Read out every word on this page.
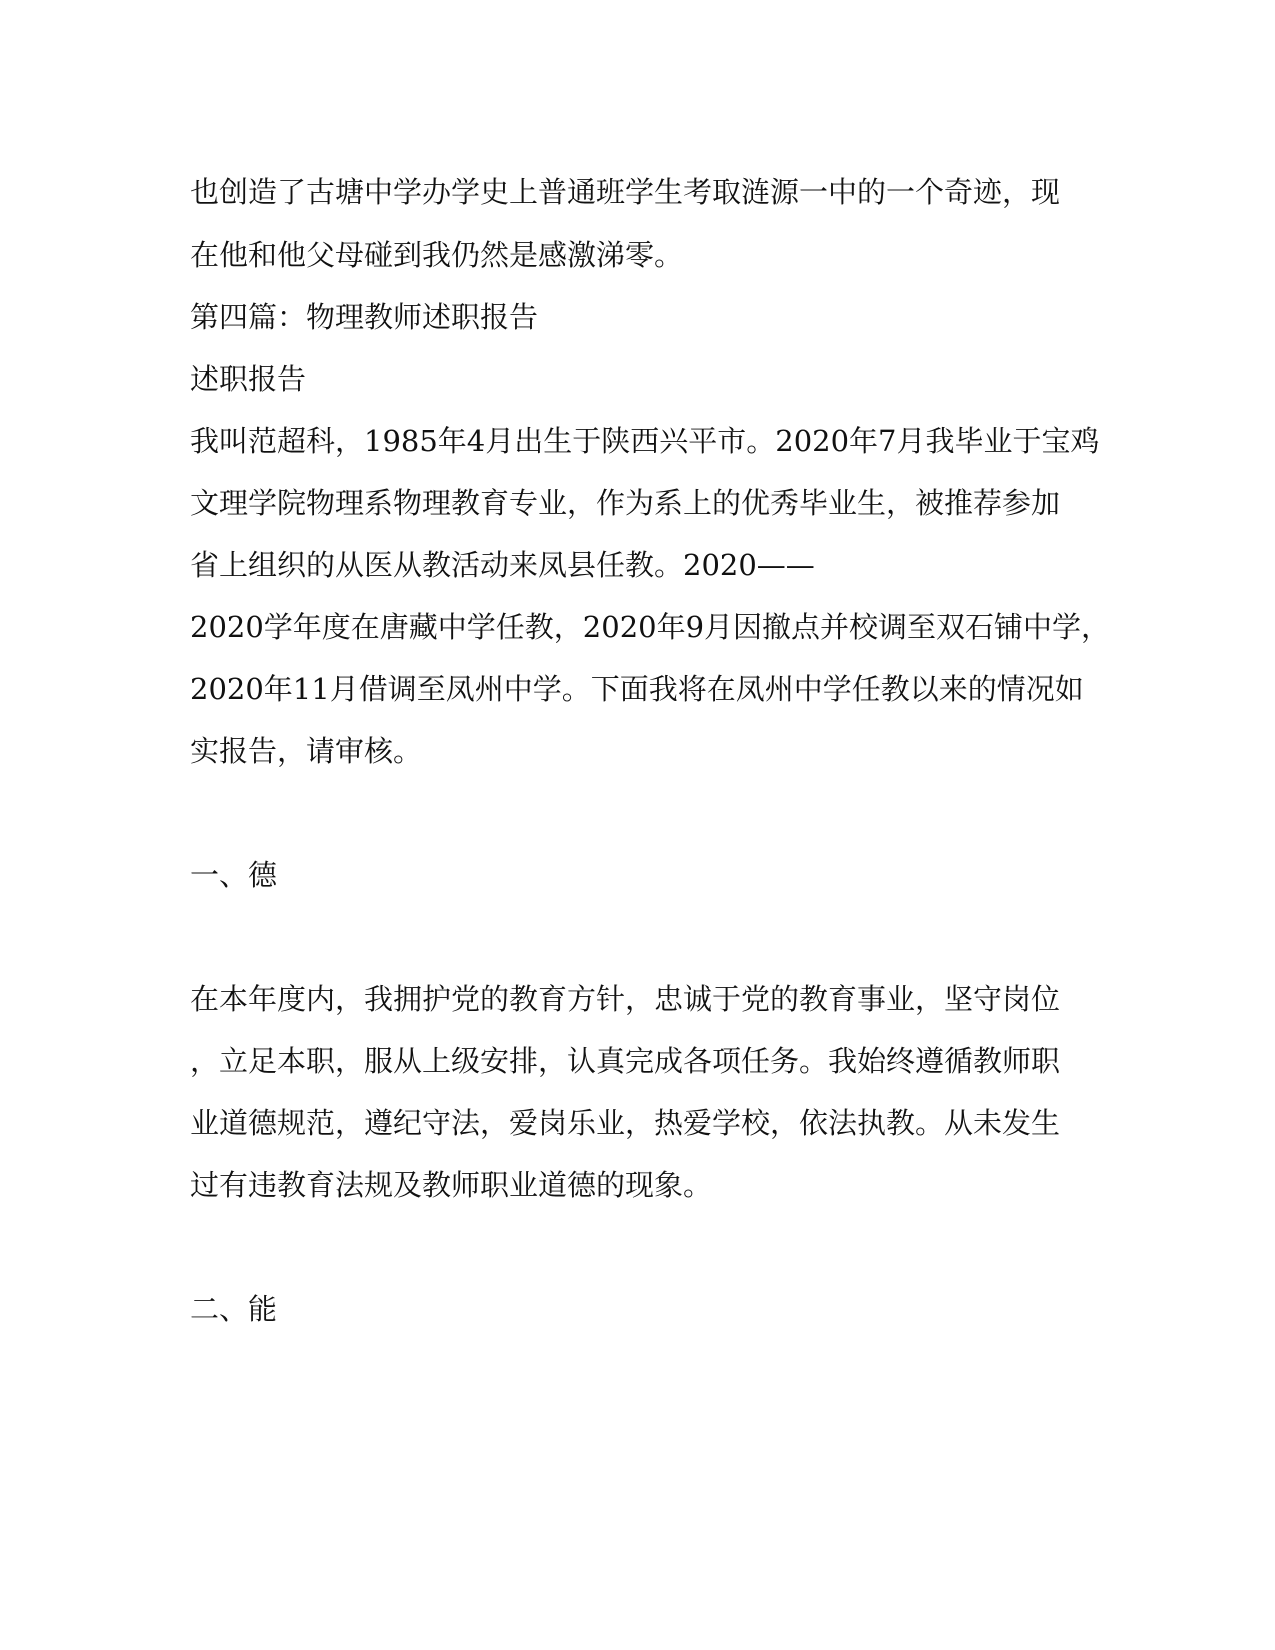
也创造了古塘中学办学史上普通班学生考取涟源一中的一个奇迹，现
在他和他父母碰到我仍然是感激涕零。
第四篇：物理教师述职报告
述职报告
我叫范超科，1985年4月出生于陕西兴平市。2020年7月我毕业于宝鸡
文理学院物理系物理教育专业，作为系上的优秀毕业生，被推荐参加
省上组织的从医从教活动来凤县任教。2020——
2020学年度在唐藏中学任教，2020年9月因撤点并校调至双石铺中学，
2020年11月借调至凤州中学。下面我将在凤州中学任教以来的情况如
实报告，请审核。
一、德
在本年度内，我拥护党的教育方针，忠诚于党的教育事业，坚守岗位
，立足本职，服从上级安排，认真完成各项任务。我始终遵循教师职
业道德规范，遵纪守法，爱岗乐业，热爱学校，依法执教。从未发生
过有违教育法规及教师职业道德的现象。
二、能
